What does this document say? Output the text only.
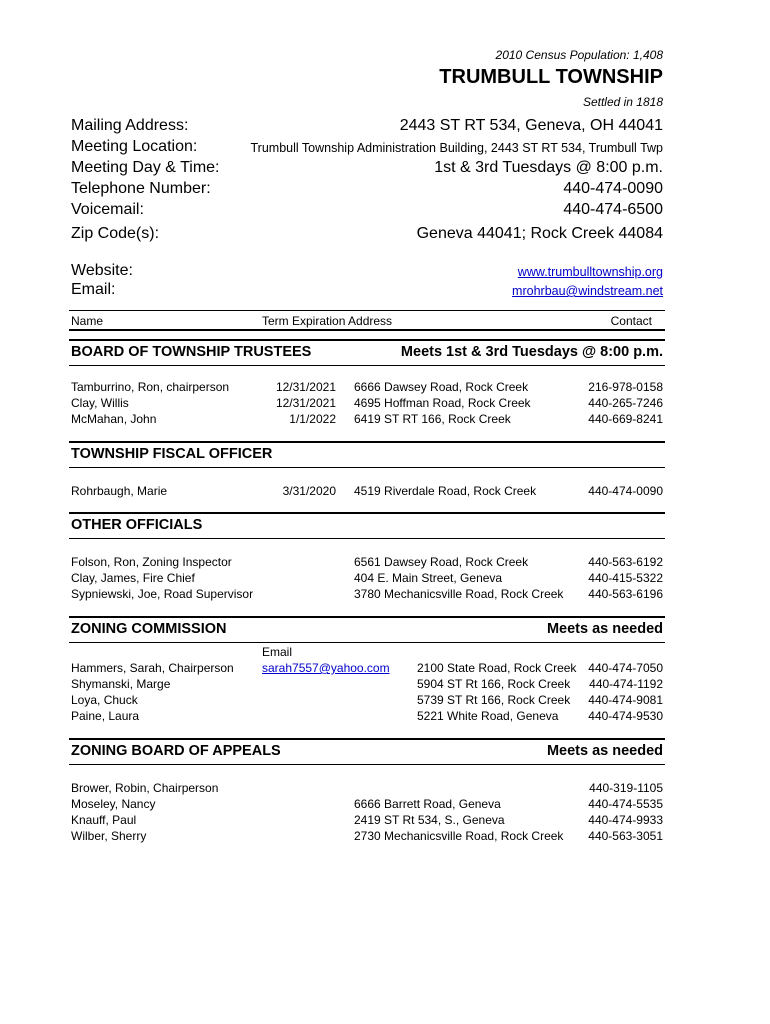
2010 Census Population: 1,408
TRUMBULL TOWNSHIP
Settled in 1818
Mailing Address:	2443 ST RT 534, Geneva, OH 44041
Meeting Location:	Trumbull Township Administration Building, 2443 ST RT 534, Trumbull Twp
Meeting Day & Time:	1st & 3rd Tuesdays @ 8:00 p.m.
Telephone Number:	440-474-0090
Voicemail:	440-474-6500
Zip Code(s):	Geneva 44041; Rock Creek 44084
Website:	www.trumbulltownship.org
Email:	mrohrbau@windstream.net
Name	Term Expiration Address	Contact
BOARD OF TOWNSHIP TRUSTEES	Meets 1st & 3rd Tuesdays @ 8:00 p.m.
Tamburrino, Ron, chairperson	12/31/2021 6666 Dawsey Road, Rock Creek	216-978-0158
Clay, Willis	12/31/2021 4695 Hoffman Road, Rock Creek	440-265-7246
McMahan, John	1/1/2022 6419 ST RT 166, Rock Creek	440-669-8241
TOWNSHIP FISCAL OFFICER
Rohrbaugh, Marie	3/31/2020 4519 Riverdale Road, Rock Creek	440-474-0090
OTHER OFFICIALS
Folson, Ron, Zoning Inspector	6561 Dawsey Road, Rock Creek	440-563-6192
Clay, James, Fire Chief	404 E. Main Street, Geneva	440-415-5322
Sypniewski, Joe, Road Supervisor	3780 Mechanicsville Road, Rock Creek 440-563-6196
ZONING COMMISSION	Meets as needed
Email
Hammers, Sarah, Chairperson sarah7557@yahoo.com 2100 State Road, Rock Creek 440-474-7050
Shymanski, Marge	5904 ST Rt 166, Rock Creek 440-474-1192
Loya, Chuck	5739 ST Rt 166, Rock Creek 440-474-9081
Paine, Laura	5221 White Road, Geneva 440-474-9530
ZONING BOARD OF APPEALS	Meets as needed
Brower, Robin, Chairperson	440-319-1105
Moseley, Nancy	6666 Barrett Road, Geneva	440-474-5535
Knauff, Paul	2419 ST Rt 534, S., Geneva	440-474-9933
Wilber, Sherry	2730 Mechanicsville Road, Rock Creek 440-563-3051
